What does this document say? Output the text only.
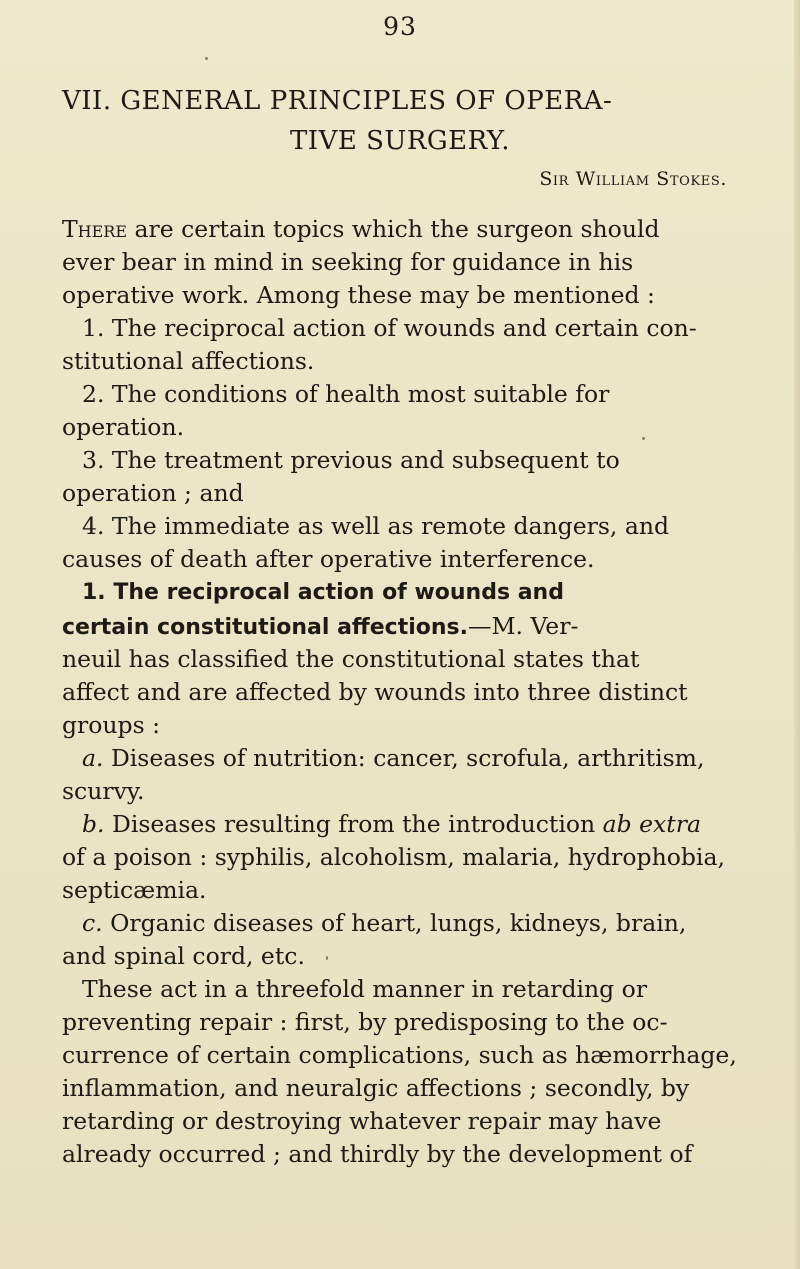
93
VII. GENERAL PRINCIPLES OF OPERA-
TIVE SURGERY.
Sir William Stokes.
There are certain topics which the surgeon should
ever bear in mind in seeking for guidance in his
operative work. Among these may be mentioned :
1. The reciprocal action of wounds and certain con-
stitutional affections.
2. The conditions of health most suitable for
operation.
3. The treatment previous and subsequent to
operation ; and
4. The immediate as well as remote dangers, and
causes of death after operative interference.
1. The reciprocal action of wounds and
certain constitutional affections.—M. Ver-
neuil has classified the constitutional states that
affect and are affected by wounds into three distinct
groups :
a. Diseases of nutrition: cancer, scrofula, arthritism,
scurvy.
b. Diseases resulting from the introduction ab extra
of a poison : syphilis, alcoholism, malaria, hydrophobia,
septicæmia.
c. Organic diseases of heart, lungs, kidneys, brain,
and spinal cord, etc.
These act in a threefold manner in retarding or
preventing repair : first, by predisposing to the oc-
currence of certain complications, such as hæmorrhage,
inflammation, and neuralgic affections ; secondly, by
retarding or destroying whatever repair may have
already occurred ; and thirdly by the development of
